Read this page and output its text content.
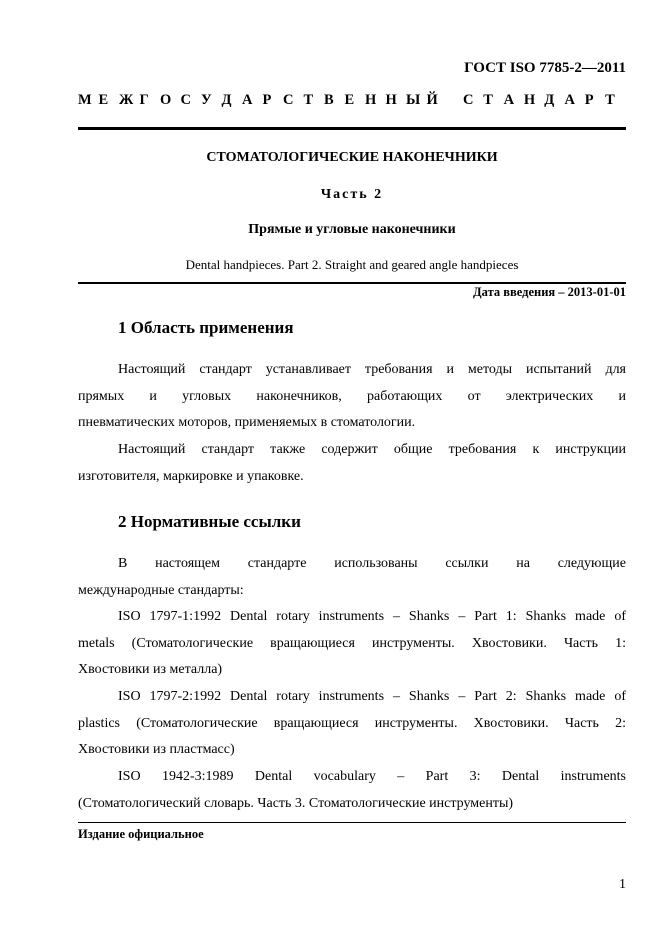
ГОСТ ISO 7785-2—2011
М Е Ж Г О С У Д А Р С Т В Е Н Н Ы Й С Т А Н Д А Р Т
СТОМАТОЛОГИЧЕСКИЕ НАКОНЕЧНИКИ
Часть 2
Прямые и угловые наконечники
Dental handpieces. Part 2. Straight and geared angle handpieces
Дата введения – 2013-01-01
1 Область применения
Настоящий стандарт устанавливает требования и методы испытаний для
прямых и угловых наконечников, работающих от электрических и
пневматических моторов, применяемых в стоматологии.
Настоящий стандарт также содержит общие требования к инструкции
изготовителя, маркировке и упаковке.
2 Нормативные ссылки
В настоящем стандарте использованы ссылки на следующие
международные стандарты:
ISO 1797-1:1992 Dental rotary instruments – Shanks – Part 1: Shanks made of
metals (Стоматологические вращающиеся инструменты. Хвостовики. Часть 1:
Хвостовики из металла)
ISO 1797-2:1992 Dental rotary instruments – Shanks – Part 2: Shanks made of
plastics (Стоматологические вращающиеся инструменты. Хвостовики. Часть 2:
Хвостовики из пластмасс)
ISO 1942-3:1989 Dental vocabulary – Part 3: Dental instruments
(Стоматологический словарь. Часть 3. Стоматологические инструменты)
Издание официальное
1
